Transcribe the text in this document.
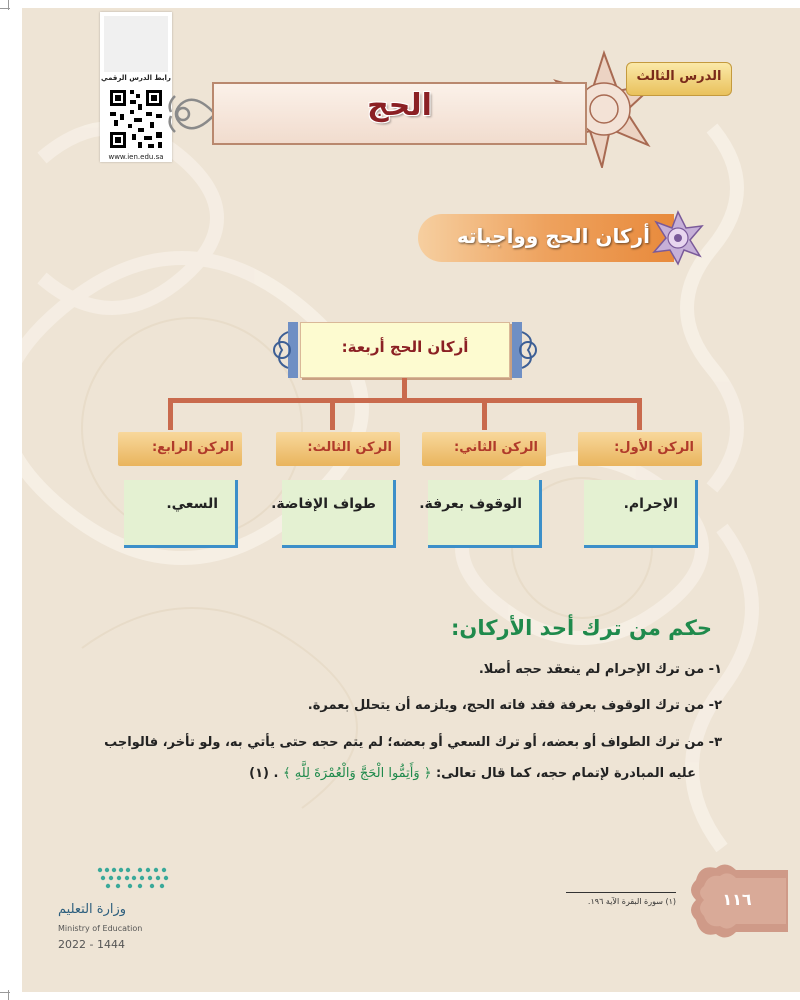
رابط الدرس الرقمي
www.ien.edu.sa
الحج
الدرس الثالث
أركان الحج وواجباته
أركان الحج أربعة:
الركن الأول:
الإحرام.
الركن الثاني:
الوقوف بعرفة.
الركن الثالث:
طواف الإفاضة.
الركن الرابع:
السعي.
حكم من ترك أحد الأركان:
١- من ترك الإحرام لم ينعقد حجه أصلا.
٢- من ترك الوقوف بعرفة فقد فاته الحج، ويلزمه أن يتحلل بعمرة.
٣- من ترك الطواف أو بعضه، أو ترك السعي أو بعضه؛ لم يتم حجه حتى يأتي به، ولو تأخر، فالواجب
عليه المبادرة لإتمام حجه، كما قال تعالى: ﴿ وَأَتِمُّوا الْحَجَّ وَالْعُمْرَةَ لِلَّهِ ﴾ . (١)
(١) سورة البقرة الآية ١٩٦.	١١٦
وزارة التعليم
Ministry of Education
2022 - 1444
